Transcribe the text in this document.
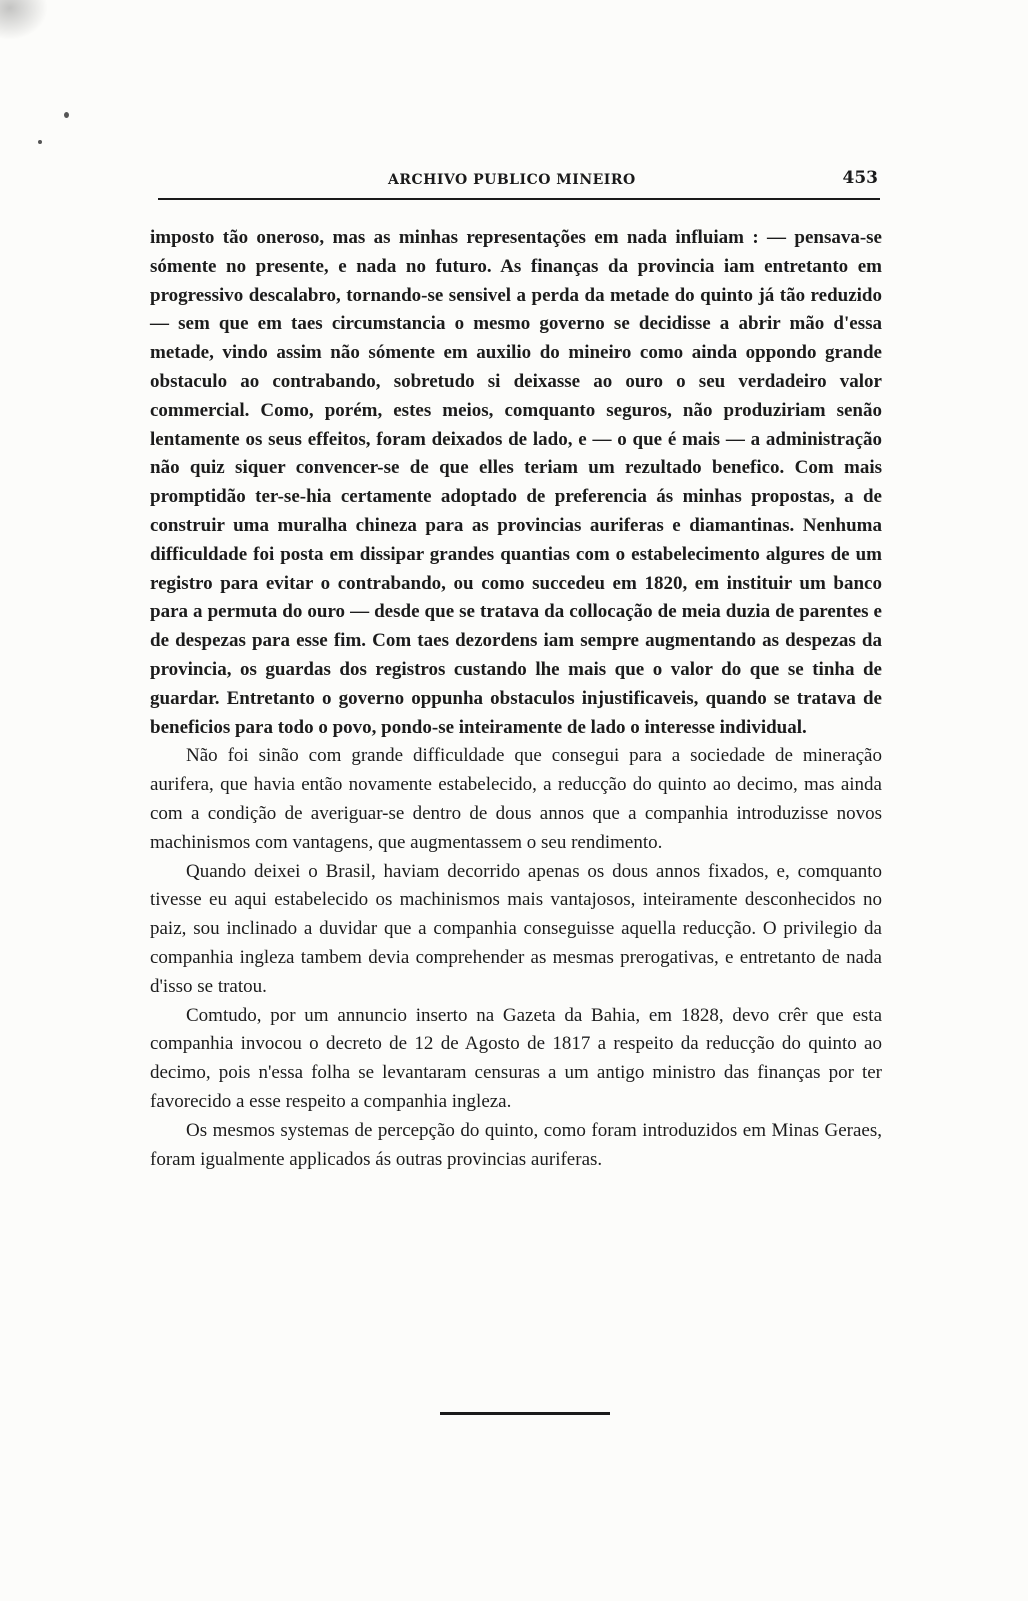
ARCHIVO PUBLICO MINEIRO	453

imposto tão oneroso, mas as minhas representações em nada influiam : — pensava-se sómente no presente, e nada no futuro. As finanças da provincia iam entretanto em progressivo descalabro, tornando-se sensivel a perda da metade do quinto já tão reduzido — sem que em taes circumstancia o mesmo governo se decidisse a abrir mão d'essa metade, vindo assim não sómente em auxilio do mineiro como ainda oppondo grande obstaculo ao contrabando, sobretudo si deixasse ao ouro o seu verdadeiro valor commercial. Como, porém, estes meios, comquanto seguros, não produziriam senão lentamente os seus effeitos, foram deixados de lado, e — o que é mais — a administração não quiz siquer convencer-se de que elles teriam um rezultado benefico. Com mais promptidão ter-se-hia certamente adoptado de preferencia ás minhas propostas, a de construir uma muralha chineza para as provincias auriferas e diamantinas. Nenhuma difficuldade foi posta em dissipar grandes quantias com o estabelecimento algures de um registro para evitar o contrabando, ou como succedeu em 1820, em instituir um banco para a permuta do ouro — desde que se tratava da collocação de meia duzia de parentes e de despezas para esse fim. Com taes dezordens iam sempre augmentando as despezas da provincia, os guardas dos registros custando lhe mais que o valor do que se tinha de guardar. Entretanto o governo oppunha obstaculos injustificaveis, quando se tratava de beneficios para todo o povo, pondo-se inteiramente de lado o interesse individual.

Não foi sinão com grande difficuldade que consegui para a sociedade de mineração aurifera, que havia então novamente estabelecido, a reducção do quinto ao decimo, mas ainda com a condição de averiguar-se dentro de dous annos que a companhia introduzisse novos machinismos com vantagens, que augmentassem o seu rendimento.

Quando deixei o Brasil, haviam decorrido apenas os dous annos fixados, e, comquanto tivesse eu aqui estabelecido os machinismos mais vantajosos, inteiramente desconhecidos no paiz, sou inclinado a duvidar que a companhia conseguisse aquella reducção. O privilegio da companhia ingleza tambem devia comprehender as mesmas prerogativas, e entretanto de nada d'isso se tratou.

Comtudo, por um annuncio inserto na Gazeta da Bahia, em 1828, devo crêr que esta companhia invocou o decreto de 12 de Agosto de 1817 a respeito da reducção do quinto ao decimo, pois n'essa folha se levantaram censuras a um antigo ministro das finanças por ter favorecido a esse respeito a companhia ingleza.

Os mesmos systemas de percepção do quinto, como foram introduzidos em Minas Geraes, foram igualmente applicados ás outras provincias auriferas.
